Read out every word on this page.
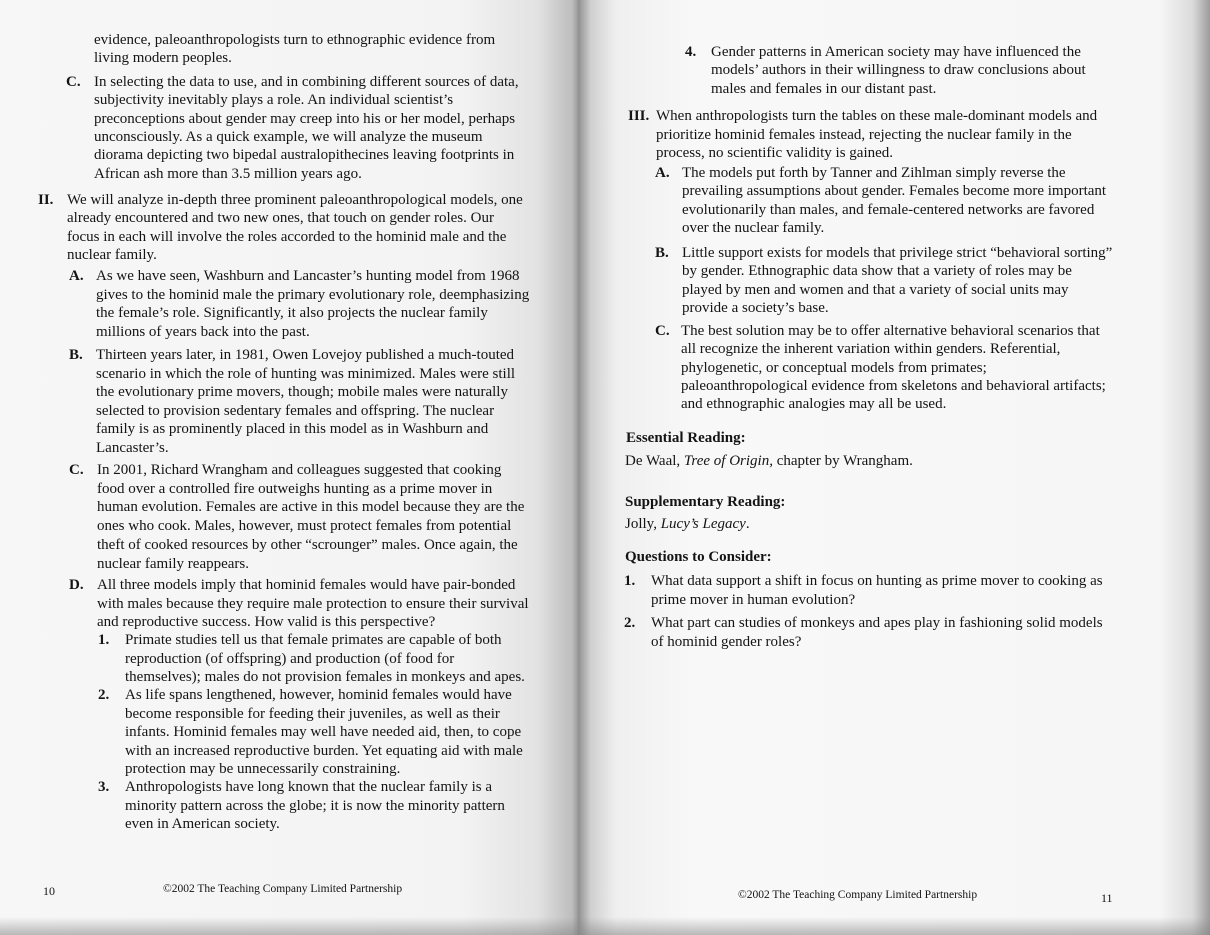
evidence, paleoanthropologists turn to ethnographic evidence from
living modern peoples.
C. In selecting the data to use, and in combining different sources of data,
subjectivity inevitably plays a role. An individual scientist’s
preconceptions about gender may creep into his or her model, perhaps
unconsciously. As a quick example, we will analyze the museum
diorama depicting two bipedal australopithecines leaving footprints in
African ash more than 3.5 million years ago.
II. We will analyze in-depth three prominent paleoanthropological models, one
already encountered and two new ones, that touch on gender roles. Our
focus in each will involve the roles accorded to the hominid male and the
nuclear family.
A. As we have seen, Washburn and Lancaster’s hunting model from 1968
gives to the hominid male the primary evolutionary role, deemphasizing
the female’s role. Significantly, it also projects the nuclear family
millions of years back into the past.
B. Thirteen years later, in 1981, Owen Lovejoy published a much-touted
scenario in which the role of hunting was minimized. Males were still
the evolutionary prime movers, though; mobile males were naturally
selected to provision sedentary females and offspring. The nuclear
family is as prominently placed in this model as in Washburn and
Lancaster’s.
C. In 2001, Richard Wrangham and colleagues suggested that cooking
food over a controlled fire outweighs hunting as a prime mover in
human evolution. Females are active in this model because they are the
ones who cook. Males, however, must protect females from potential
theft of cooked resources by other “scrounger” males. Once again, the
nuclear family reappears.
D. All three models imply that hominid females would have pair-bonded
with males because they require male protection to ensure their survival
and reproductive success. How valid is this perspective?
1. Primate studies tell us that female primates are capable of both
reproduction (of offspring) and production (of food for
themselves); males do not provision females in monkeys and apes.
2. As life spans lengthened, however, hominid females would have
become responsible for feeding their juveniles, as well as their
infants. Hominid females may well have needed aid, then, to cope
with an increased reproductive burden. Yet equating aid with male
protection may be unnecessarily constraining.
3. Anthropologists have long known that the nuclear family is a
minority pattern across the globe; it is now the minority pattern
even in American society.
©2002 The Teaching Company Limited Partnership
10
4. Gender patterns in American society may have influenced the
models’ authors in their willingness to draw conclusions about
males and females in our distant past.
III. When anthropologists turn the tables on these male-dominant models and
prioritize hominid females instead, rejecting the nuclear family in the
process, no scientific validity is gained.
A. The models put forth by Tanner and Zihlman simply reverse the
prevailing assumptions about gender. Females become more important
evolutionarily than males, and female-centered networks are favored
over the nuclear family.
B. Little support exists for models that privilege strict “behavioral sorting”
by gender. Ethnographic data show that a variety of roles may be
played by men and women and that a variety of social units may
provide a society’s base.
C. The best solution may be to offer alternative behavioral scenarios that
all recognize the inherent variation within genders. Referential,
phylogenetic, or conceptual models from primates;
paleoanthropological evidence from skeletons and behavioral artifacts;
and ethnographic analogies may all be used.
Essential Reading:
De Waal, Tree of Origin, chapter by Wrangham.
Supplementary Reading:
Jolly, Lucy’s Legacy.
Questions to Consider:
1. What data support a shift in focus on hunting as prime mover to cooking as
prime mover in human evolution?
2. What part can studies of monkeys and apes play in fashioning solid models
of hominid gender roles?
©2002 The Teaching Company Limited Partnership	11
